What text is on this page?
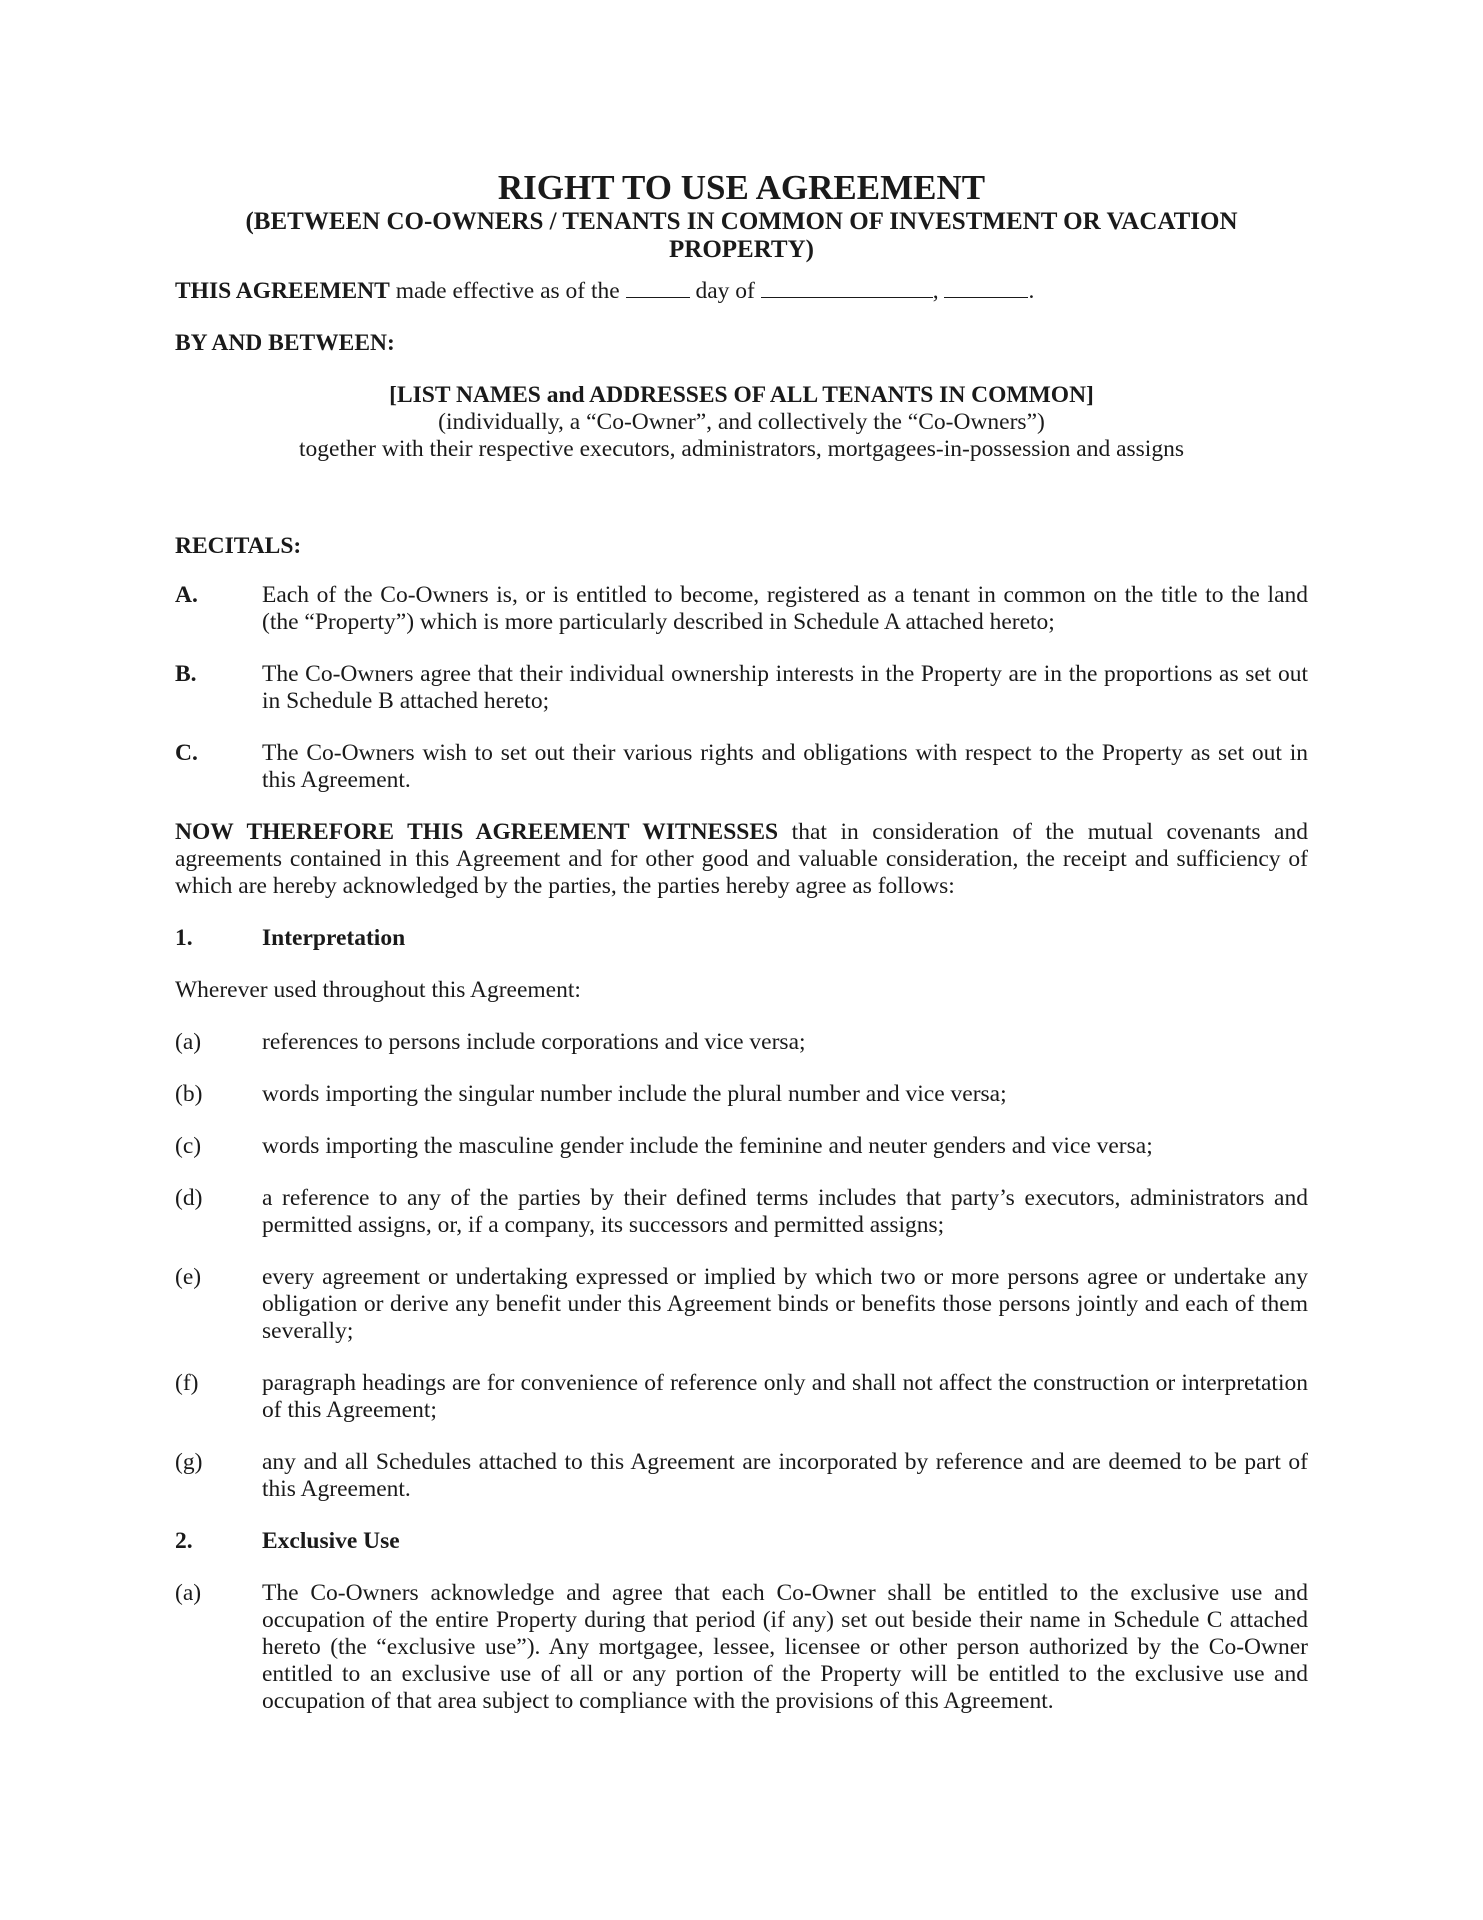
RIGHT TO USE AGREEMENT

(BETWEEN CO-OWNERS / TENANTS IN COMMON OF INVESTMENT OR VACATION PROPERTY)

THIS AGREEMENT made effective as of the	day of	,	.

BY AND BETWEEN:

[LIST NAMES and ADDRESSES OF ALL TENANTS IN COMMON]
(individually, a “Co-Owner”, and collectively the “Co-Owners”)
together with their respective executors, administrators, mortgagees-in-possession and assigns

RECITALS:

A.	Each of the Co-Owners is, or is entitled to become, registered as a tenant in common on the title to the land (the “Property”) which is more particularly described in Schedule A attached hereto;
B.	The Co-Owners agree that their individual ownership interests in the Property are in the proportions as set out in Schedule B attached hereto;
C.	The Co-Owners wish to set out their various rights and obligations with respect to the Property as set out in this Agreement.

NOW THEREFORE THIS AGREEMENT WITNESSES that in consideration of the mutual covenants and agreements contained in this Agreement and for other good and valuable consideration, the receipt and sufficiency of which are hereby acknowledged by the parties, the parties hereby agree as follows:

1.	Interpretation

Wherever used throughout this Agreement:

(a)	references to persons include corporations and vice versa;
(b)	words importing the singular number include the plural number and vice versa;
(c)	words importing the masculine gender include the feminine and neuter genders and vice versa;
(d)	a reference to any of the parties by their defined terms includes that party’s executors, administrators and permitted assigns, or, if a company, its successors and permitted assigns;
(e)	every agreement or undertaking expressed or implied by which two or more persons agree or undertake any obligation or derive any benefit under this Agreement binds or benefits those persons jointly and each of them severally;
(f)	paragraph headings are for convenience of reference only and shall not affect the construction or interpretation of this Agreement;
(g)	any and all Schedules attached to this Agreement are incorporated by reference and are deemed to be part of this Agreement.
2.	Exclusive Use
(a)	The Co-Owners acknowledge and agree that each Co-Owner shall be entitled to the exclusive use and occupation of the entire Property during that period (if any) set out beside their name in Schedule C attached hereto (the “exclusive use”). Any mortgagee, lessee, licensee or other person authorized by the Co-Owner entitled to an exclusive use of all or any portion of the Property will be entitled to the exclusive use and occupation of that area subject to compliance with the provisions of this Agreement.
